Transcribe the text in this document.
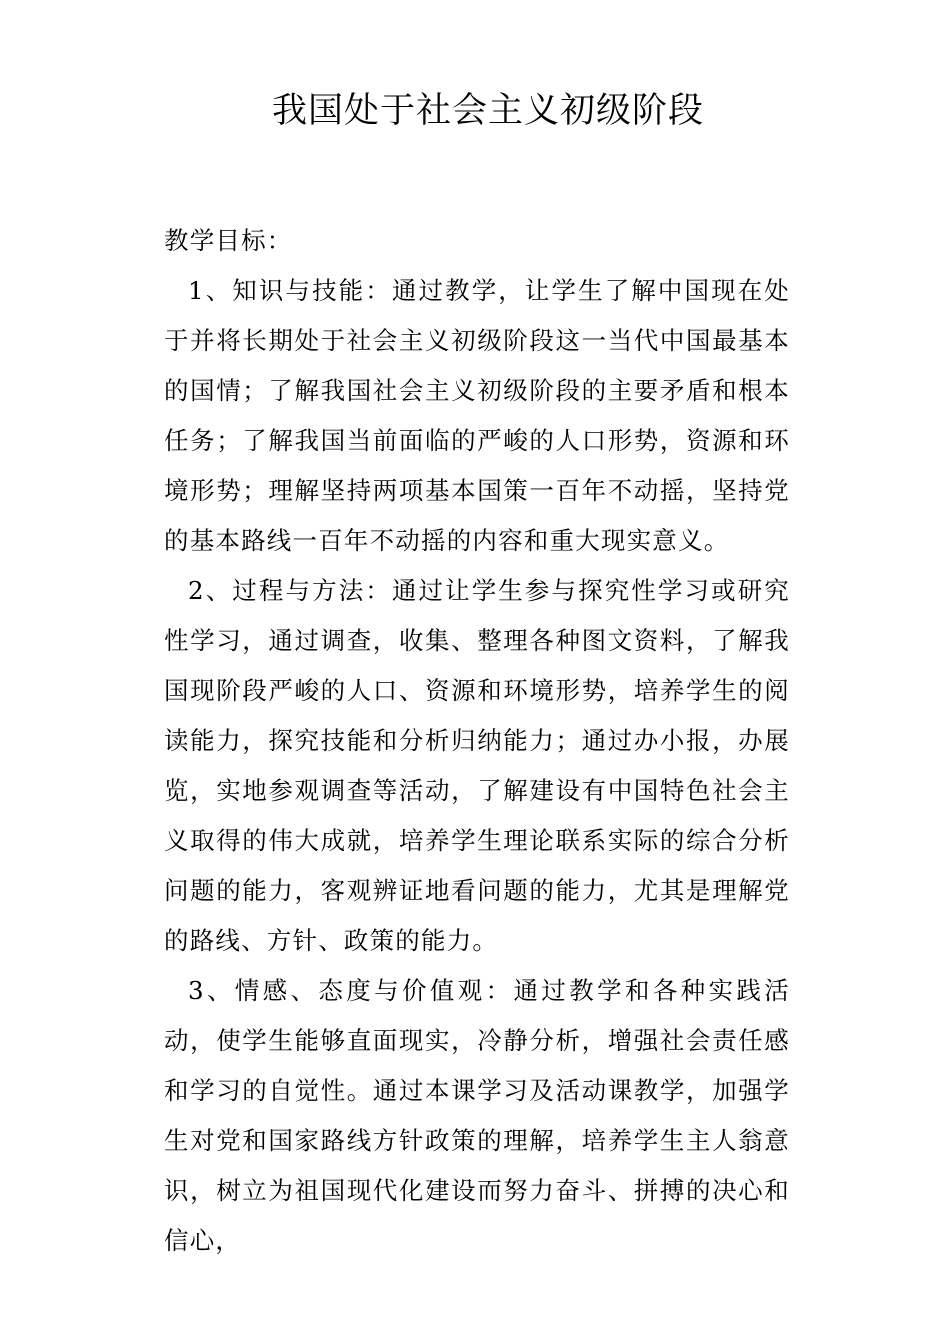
我国处于社会主义初级阶段

教学目标：

1、知识与技能：通过教学，让学生了解中国现在处于并将长期处于社会主义初级阶段这一当代中国最基本的国情；了解我国社会主义初级阶段的主要矛盾和根本任务；了解我国当前面临的严峻的人口形势，资源和环境形势；理解坚持两项基本国策一百年不动摇，坚持党的基本路线一百年不动摇的内容和重大现实意义。

2、过程与方法：通过让学生参与探究性学习或研究性学习，通过调查，收集、整理各种图文资料，了解我国现阶段严峻的人口、资源和环境形势，培养学生的阅读能力，探究技能和分析归纳能力；通过办小报，办展览，实地参观调查等活动，了解建设有中国特色社会主义取得的伟大成就，培养学生理论联系实际的综合分析问题的能力，客观辨证地看问题的能力，尤其是理解党的路线、方针、政策的能力。

3、情感、态度与价值观：通过教学和各种实践活动，使学生能够直面现实，冷静分析，增强社会责任感和学习的自觉性。通过本课学习及活动课教学，加强学生对党和国家路线方针政策的理解，培养学生主人翁意识，树立为祖国现代化建设而努力奋斗、拼搏的决心和信心，
